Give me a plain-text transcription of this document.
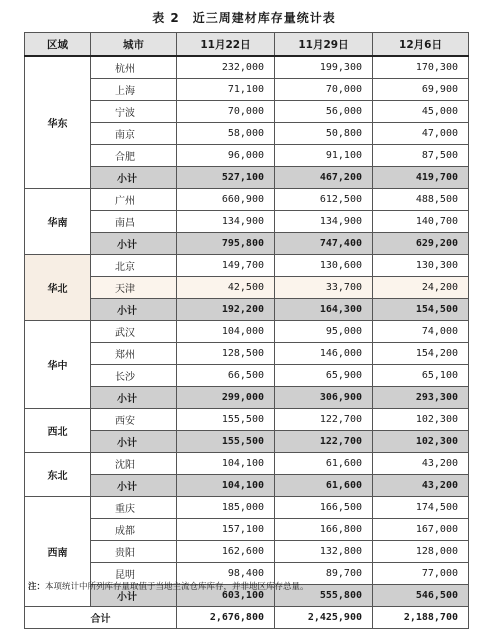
表 2　近三周建材库存量统计表
区域	城市	11月22日	11月29日	12月6日
华东	杭州	232,000	199,300	170,300
	上海	71,100	70,000	69,900
	宁波	70,000	56,000	45,000
	南京	58,000	50,800	47,000
	合肥	96,000	91,100	87,500
	小计	527,100	467,200	419,700
华南	广州	660,900	612,500	488,500
	南昌	134,900	134,900	140,700
	小计	795,800	747,400	629,200
华北	北京	149,700	130,600	130,300
	天津	42,500	33,700	24,200
	小计	192,200	164,300	154,500
华中	武汉	104,000	95,000	74,000
	郑州	128,500	146,000	154,200
	长沙	66,500	65,900	65,100
	小计	299,000	306,900	293,300
西北	西安	155,500	122,700	102,300
	小计	155,500	122,700	102,300
东北	沈阳	104,100	61,600	43,200
	小计	104,100	61,600	43,200
西南	重庆	185,000	166,500	174,500
	成都	157,100	166,800	167,000
	贵阳	162,600	132,800	128,000
	昆明	98,400	89,700	77,000
	小计	603,100	555,800	546,500
合计		2,676,800	2,425,900	2,188,700
注：本项统计中所列库存量取值于当地主流仓库库存，并非地区库存总量。
